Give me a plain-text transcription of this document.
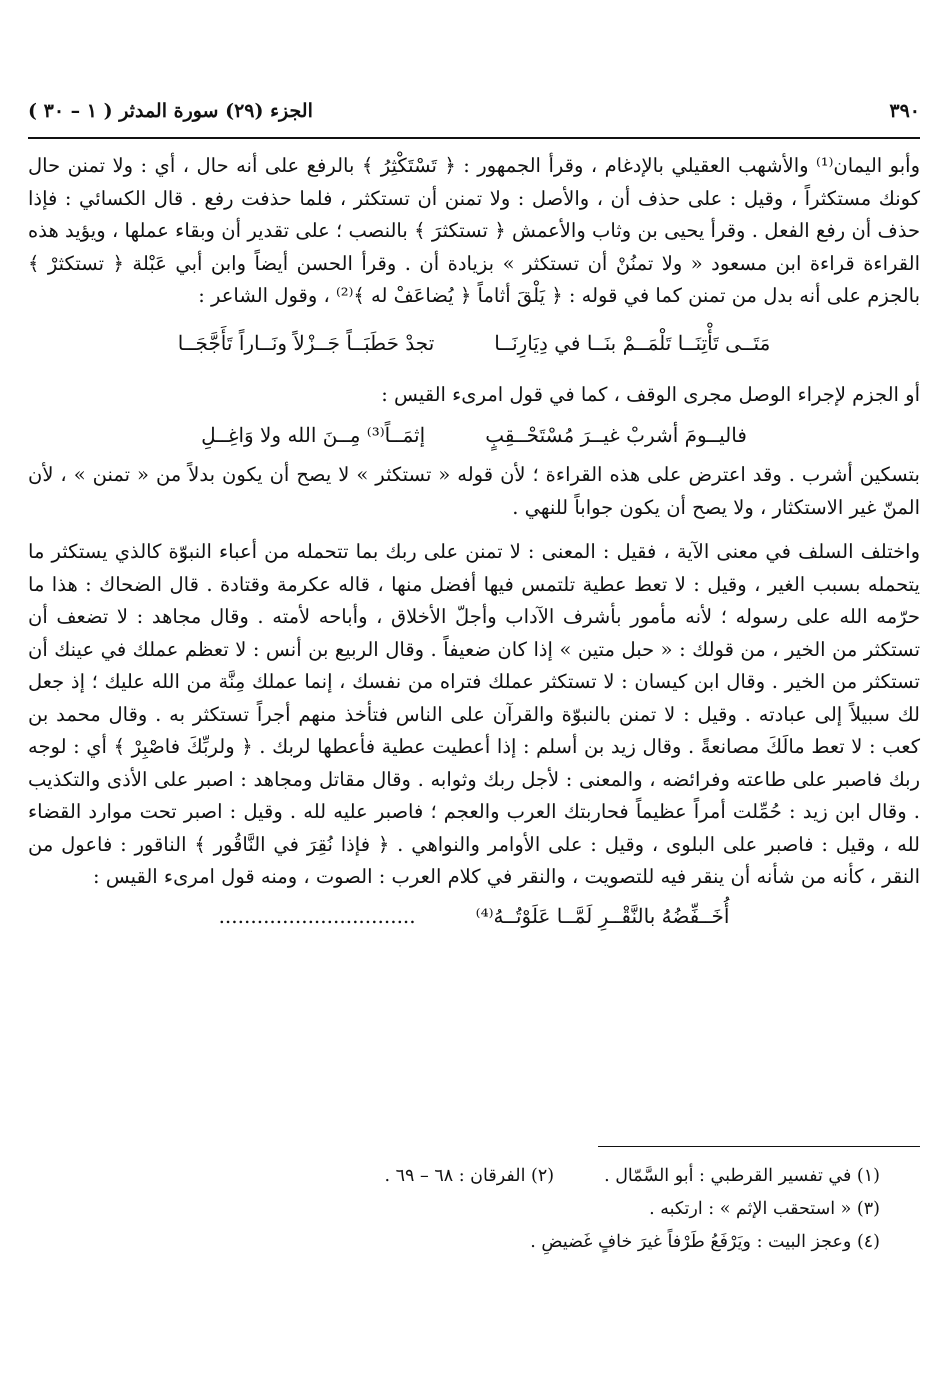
٣٩٠
الجزء (٢٩) سورة المدثر ( ١ – ٣٠ )

وأبو اليمان⁽¹⁾ والأشهب العقيلي بالإدغام ، وقرأ الجمهور : ﴿ تَسْتَكْثِرُ ﴾ بالرفع على أنه حال ، أي : ولا تمنن حال كونك مستكثراً ، وقيل : على حذف أن ، والأصل : ولا تمنن أن تستكثر ، فلما حذفت رفع . قال الكسائي : فإذا حذف أن رفع الفعل . وقرأ يحيى بن وثاب والأعمش ﴿ تستكثرَ ﴾ بالنصب ؛ على تقدير أن وبقاء عملها ، ويؤيد هذه القراءة قراءة ابن مسعود « ولا تمنُنْ أن تستكثر » بزيادة أن . وقرأ الحسن أيضاً وابن أبي عَبْلة ﴿ تستكثرْ ﴾ بالجزم على أنه بدل من تمنن كما في قوله : ﴿ يَلْقَ أثاماً ﴿ يُضاعَفْ له ﴾⁽²⁾ ، وقول الشاعر :

مَتَــى تَأْتِنَــا تَلْمَــمْ بنَــا في دِيَارِنَــا
تجدْ حَطَبَــاً جَــزْلاً ونَــاراً تَأَجَّجَــا

أو الجزم لإجراء الوصل مجرى الوقف ، كما في قول امرىء القيس :

فاليــومَ أشربْ غيــرَ مُسْتَحْــقِبٍ
إثمَــاً⁽³⁾ مِــنَ الله ولا وَاغِــلِ

بتسكين أشرب . وقد اعترض على هذه القراءة ؛ لأن قوله « تستكثر » لا يصح أن يكون بدلاً من « تمنن » ، لأن المنّ غير الاستكثار ، ولا يصح أن يكون جواباً للنهي .

واختلف السلف في معنى الآية ، فقيل : المعنى : لا تمنن على ربك بما تتحمله من أعباء النبوّة كالذي يستكثر ما يتحمله بسبب الغير ، وقيل : لا تعط عطية تلتمس فيها أفضل منها ، قاله عكرمة وقتادة . قال الضحاك : هذا ما حرّمه الله على رسوله ؛ لأنه مأمور بأشرف الآداب وأجلّ الأخلاق ، وأباحه لأمته . وقال مجاهد : لا تضعف أن تستكثر من الخير ، من قولك : « حبل متين » إذا كان ضعيفاً . وقال الربيع بن أنس : لا تعظم عملك في عينك أن تستكثر من الخير . وقال ابن كيسان : لا تستكثر عملك فتراه من نفسك ، إنما عملك مِنَّة من الله عليك ؛ إذ جعل لك سبيلاً إلى عبادته . وقيل : لا تمنن بالنبوّة والقرآن على الناس فتأخذ منهم أجراً تستكثر به . وقال محمد بن كعب : لا تعط مالَكَ مصانعةً . وقال زيد بن أسلم : إذا أعطيت عطية فأعطها لربك . ﴿ ولربِّكَ فاصْبِرْ ﴾ أي : لوجه ربك فاصبر على طاعته وفرائضه ، والمعنى : لأجل ربك وثوابه . وقال مقاتل ومجاهد : اصبر على الأذى والتكذيب . وقال ابن زيد : حُمِّلت أمراً عظيماً فحاربتك العرب والعجم ؛ فاصبر عليه لله . وقيل : اصبر تحت موارد القضاء لله ، وقيل : فاصبر على البلوى ، وقيل : على الأوامر والنواهي . ﴿ فإذا نُقِرَ في النَّاقُور ﴾ الناقور : فاعول من النقر ، كأنه من شأنه أن ينقر فيه للتصويت ، والنقر في كلام العرب : الصوت ، ومنه قول امرىء القيس :

أُخَــفِّضُهُ بالنَّقْــرِ لَمَّــا عَلَوْتُــهُ⁽⁴⁾
...............................
(١) في تفسير القرطبي : أبو السَّمّال .
(٢) الفرقان : ٦٨ – ٦٩ .
(٣) « استحقب الإثم » : ارتكبه .
(٤) وعجز البيت : ويَرْفَعُ طَرْفاً غيرَ خافٍ غَضيضِ .
